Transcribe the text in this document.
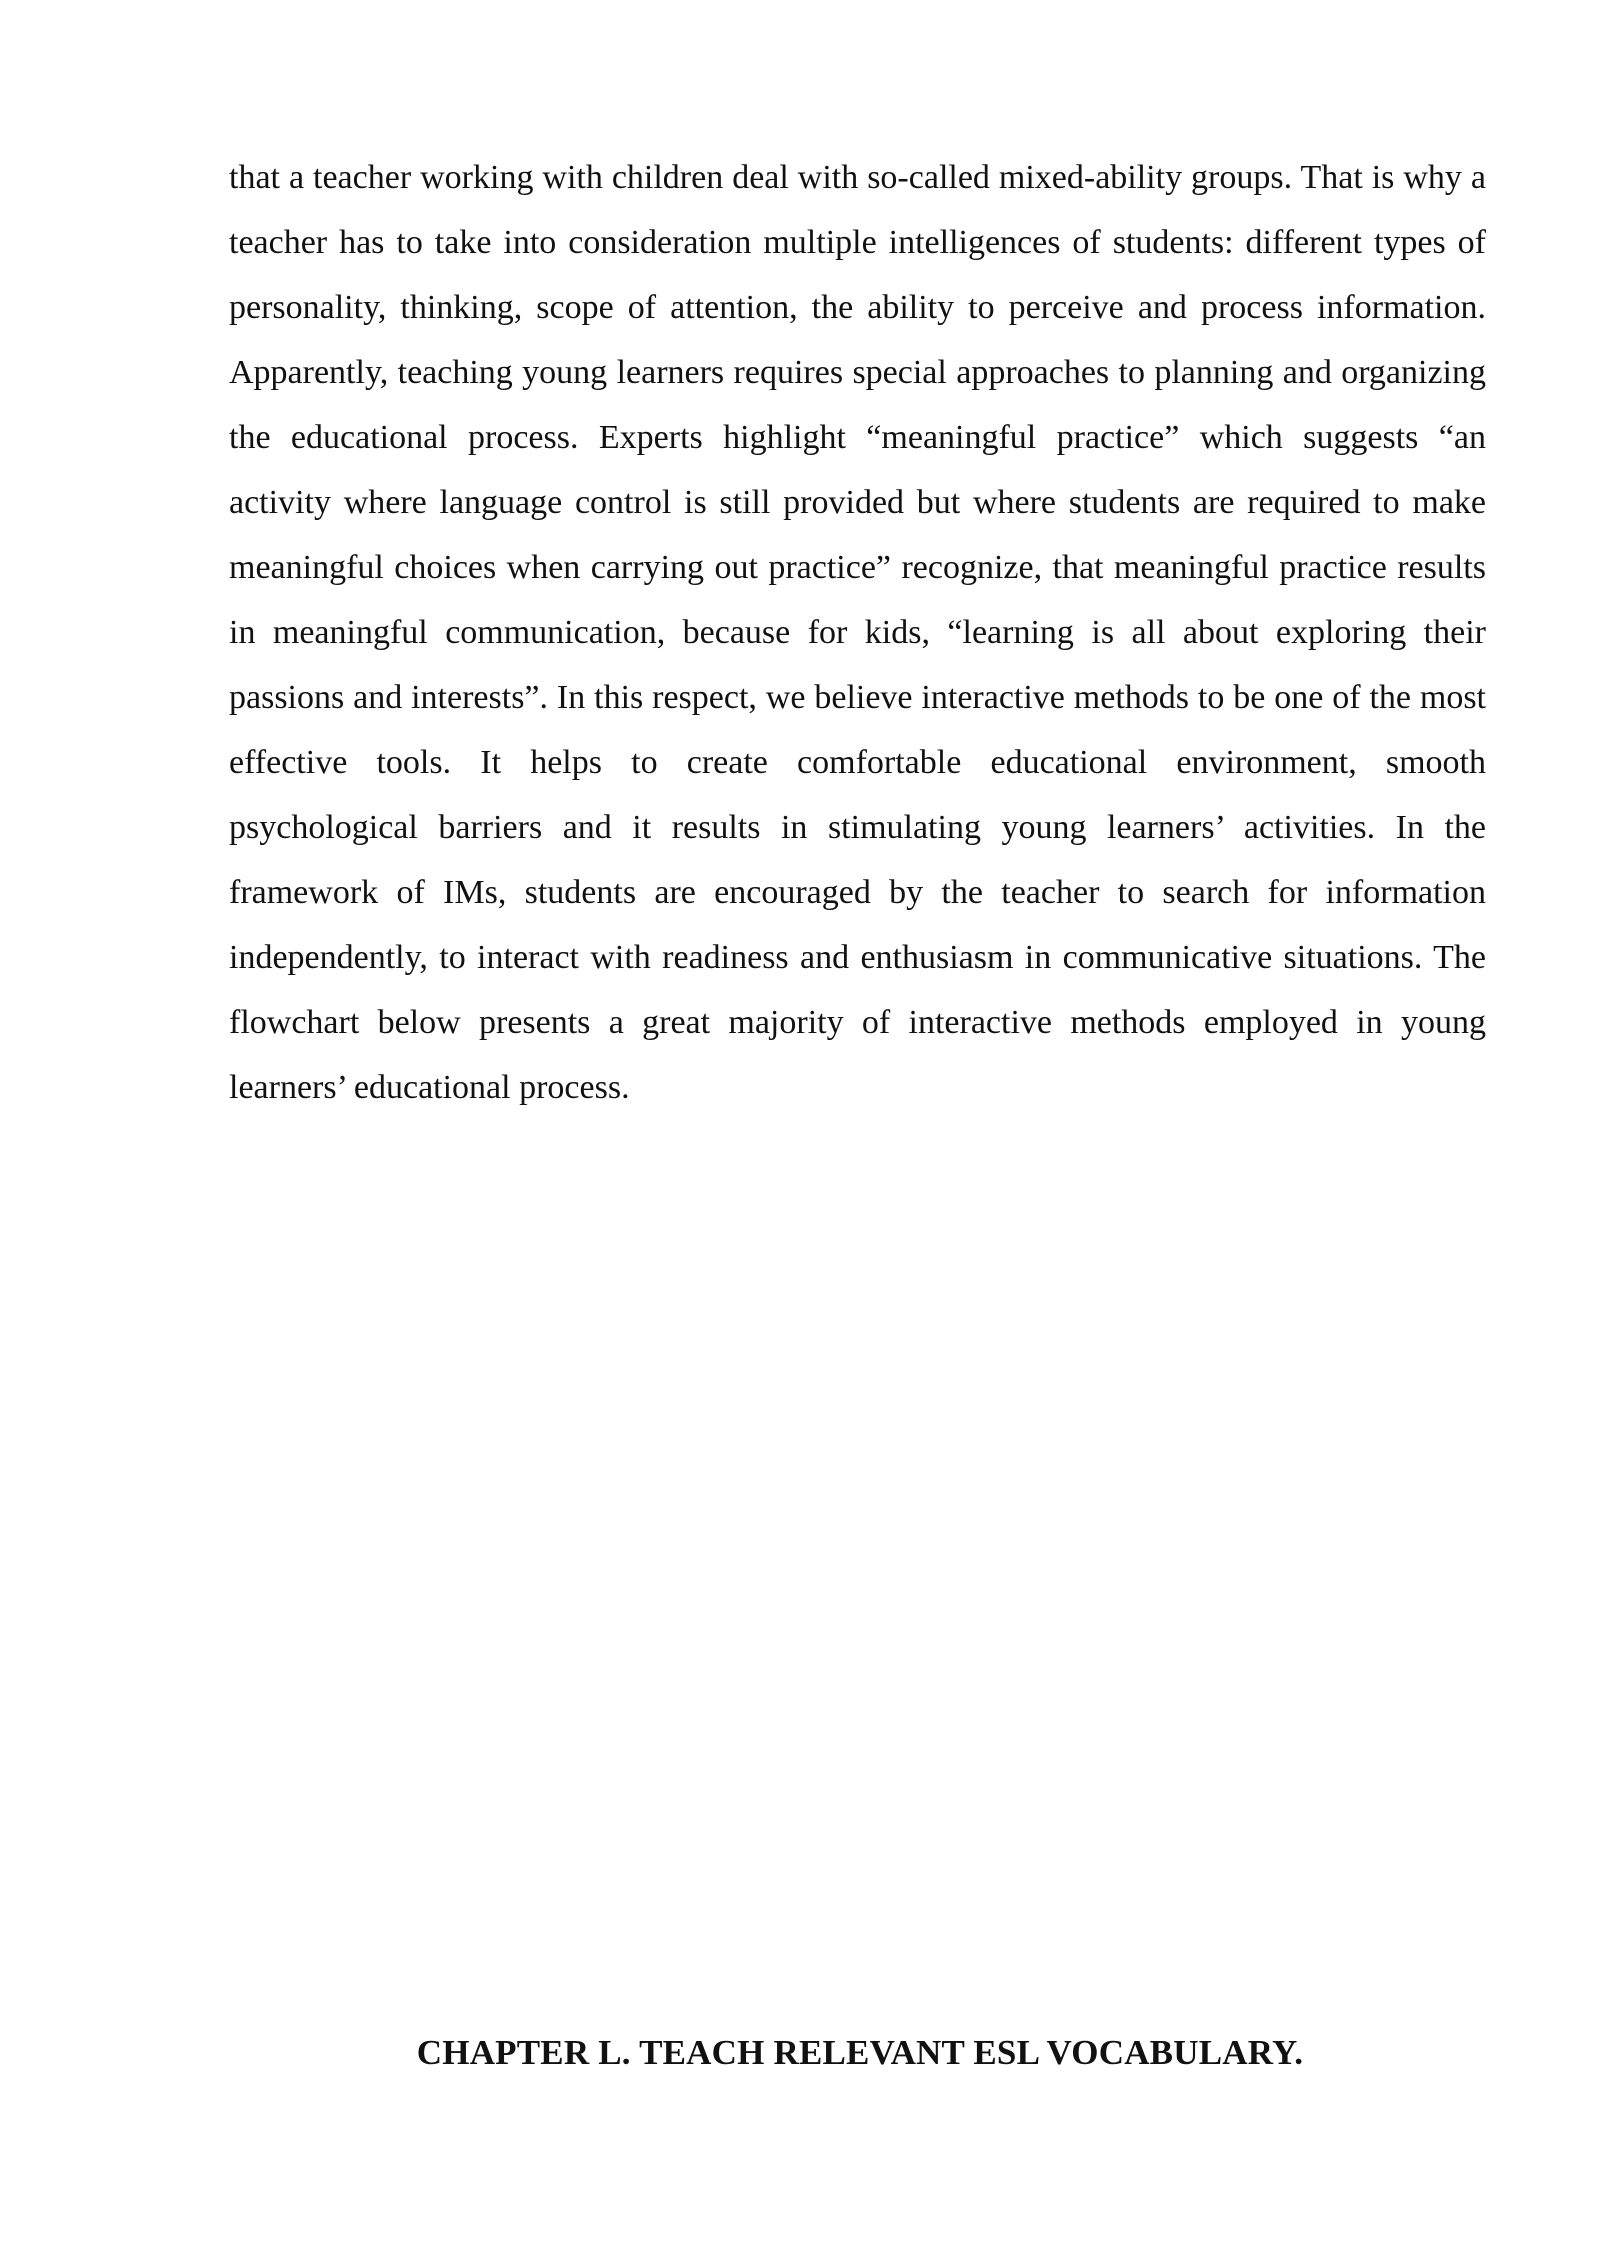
that a teacher working with children deal with so-called mixed-ability groups. That is why a teacher has to take into consideration multiple intelligences of students: different types of personality, thinking, scope of attention, the ability to perceive and process information. Apparently, teaching young learners requires special approaches to planning and organizing the educational process. Experts highlight “meaningful practice” which suggests “an activity where language control is still provided but where students are required to make meaningful choices when carrying out practice” recognize, that meaningful practice results in meaningful communication, because for kids, “learning is all about exploring their passions and interests”. In this respect, we believe interactive methods to be one of the most effective tools. It helps to create comfortable educational environment, smooth psychological barriers and it results in stimulating young learners’ activities. In the framework of IMs, students are encouraged by the teacher to search for information independently, to interact with readiness and enthusiasm in communicative situations. The flowchart below presents a great majority of interactive methods employed in young learners’ educational process.

CHAPTER L. TEACH RELEVANT ESL VOCABULARY.
